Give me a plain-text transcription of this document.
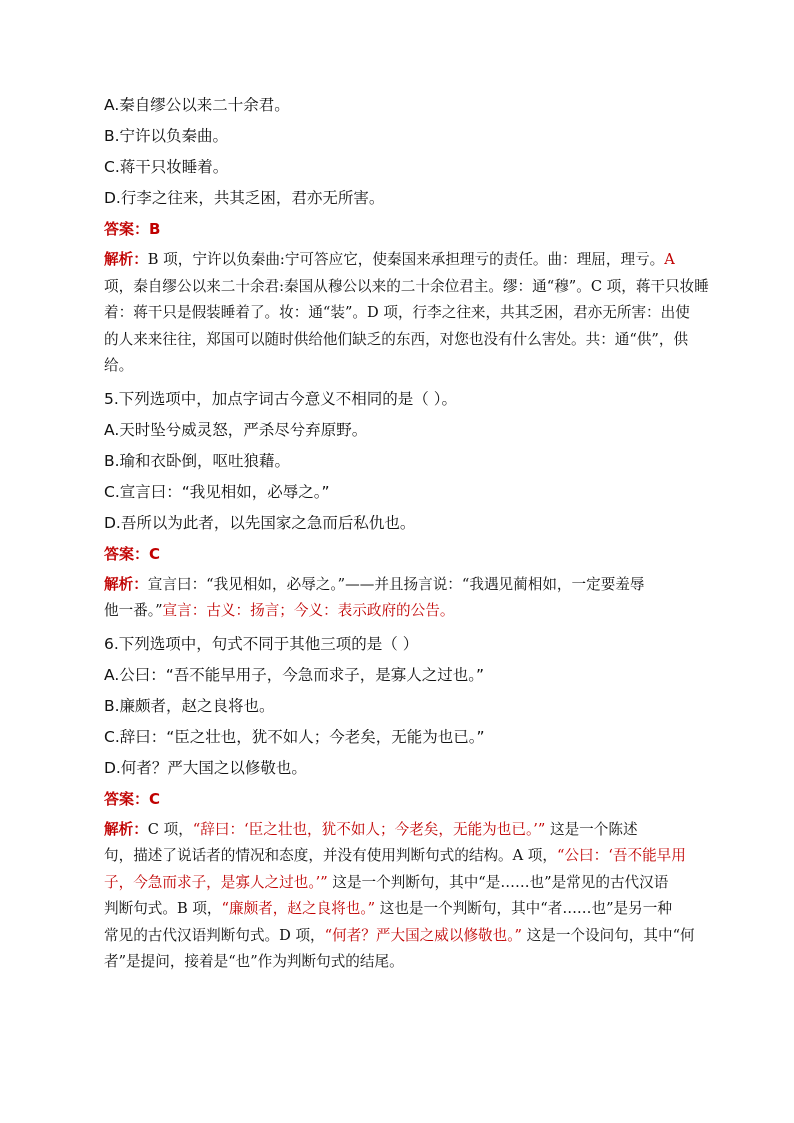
A.秦自缪公以来二十余君。
B.宁许以负秦曲。
C.蒋干只妆睡着。
D.行李之往来，共其乏困，君亦无所害。
答案：B
解析：B 项，宁许以负秦曲:宁可答应它，使秦国来承担理亏的责任。曲：理屈，理亏。A
项，秦自缪公以来二十余君:秦国从穆公以来的二十余位君主。缪：通“穆”。C 项，蒋干只妆睡
着：蒋干只是假装睡着了。妆：通“装”。D 项，行李之往来，共其乏困，君亦无所害：出使
的人来来往往，郑国可以随时供给他们缺乏的东西，对您也没有什么害处。共：通“供”，供
给。
5.下列选项中，加点字词古今意义不相同的是（ ）。
A.天时坠兮威灵怒，严杀尽兮弃原野。
B.瑜和衣卧倒，呕吐狼藉。
C.宣言曰：“我见相如，必辱之。”
D.吾所以为此者，以先国家之急而后私仇也。
答案：C
解析：宣言曰：“我见相如，必辱之。”——并且扬言说：“我遇见蔺相如，一定要羞辱
他一番。”宣言：古义：扬言；今义：表示政府的公告。
6.下列选项中，句式不同于其他三项的是（ ）
A.公曰：“吾不能早用子，今急而求子，是寡人之过也。”
B.廉颇者，赵之良将也。
C.辞曰：“臣之壮也，犹不如人；今老矣，无能为也已。”
D.何者？严大国之以修敬也。
答案：C
解析：C 项，“辞曰：‘臣之壮也，犹不如人；今老矣，无能为也已。’” 这是一个陈述
句，描述了说话者的情况和态度，并没有使用判断句式的结构。A 项，“公曰：‘吾不能早用
子，今急而求子，是寡人之过也。’” 这是一个判断句，其中“是……也”是常见的古代汉语
判断句式。B 项，“廉颇者，赵之良将也。” 这也是一个判断句，其中“者……也”是另一种
常见的古代汉语判断句式。D 项，“何者？严大国之威以修敬也。” 这是一个设问句，其中“何
者”是提问，接着是“也”作为判断句式的结尾。
